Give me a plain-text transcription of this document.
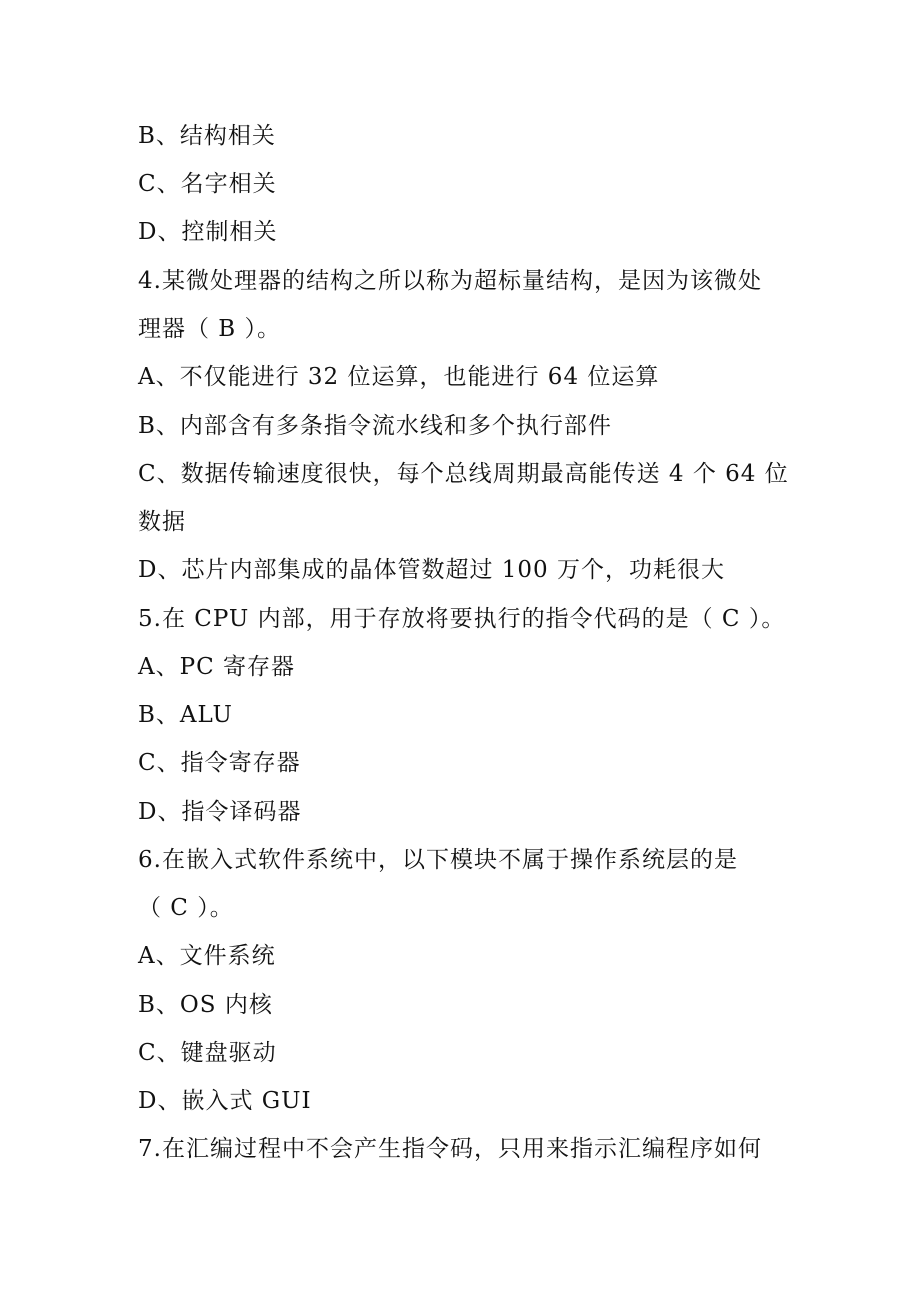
B、结构相关
C、名字相关
D、控制相关
4.某微处理器的结构之所以称为超标量结构，是因为该微处
理器（ B ）。
A、不仅能进行 32 位运算，也能进行 64 位运算
B、内部含有多条指令流水线和多个执行部件
C、数据传输速度很快，每个总线周期最高能传送 4 个 64 位
数据
D、芯片内部集成的晶体管数超过 100 万个，功耗很大
5.在 CPU 内部，用于存放将要执行的指令代码的是（ C ）。
A、PC 寄存器
B、ALU
C、指令寄存器
D、指令译码器
6.在嵌入式软件系统中，以下模块不属于操作系统层的是
（ C ）。
A、文件系统
B、OS 内核
C、键盘驱动
D、嵌入式 GUI
7.在汇编过程中不会产生指令码，只用来指示汇编程序如何
